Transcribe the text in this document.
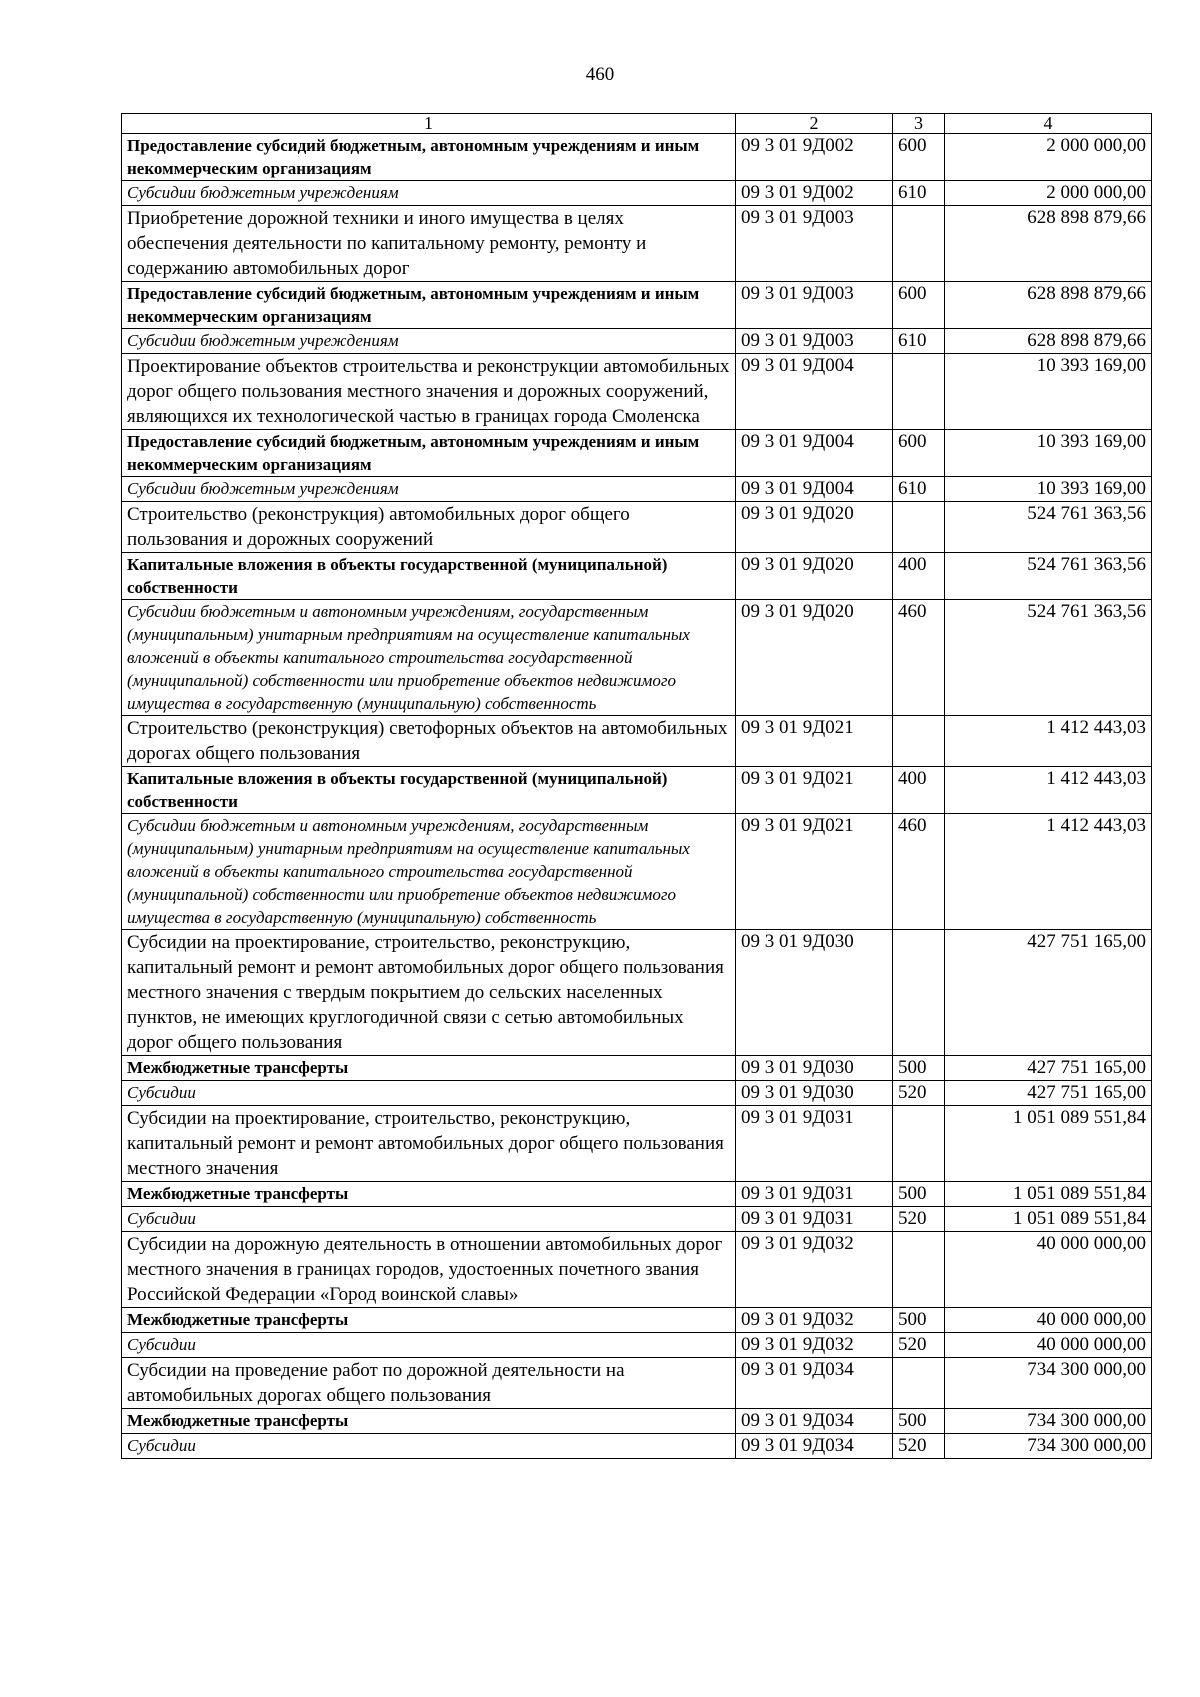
460
1	2	3	4
Предоставление субсидий бюджетным, автономным учреждениям и иным некоммерческим организациям	09 3 01 9Д002	600	2 000 000,00
Субсидии бюджетным учреждениям	09 3 01 9Д002	610	2 000 000,00
Приобретение дорожной техники и иного имущества в целях обеспечения деятельности по капитальному ремонту, ремонту и содержанию автомобильных дорог	09 3 01 9Д003		628 898 879,66
Предоставление субсидий бюджетным, автономным учреждениям и иным некоммерческим организациям	09 3 01 9Д003	600	628 898 879,66
Субсидии бюджетным учреждениям	09 3 01 9Д003	610	628 898 879,66
Проектирование объектов строительства и реконструкции автомобильных дорог общего пользования местного значения и дорожных сооружений, являющихся их технологической частью в границах города Смоленска	09 3 01 9Д004		10 393 169,00
Предоставление субсидий бюджетным, автономным учреждениям и иным некоммерческим организациям	09 3 01 9Д004	600	10 393 169,00
Субсидии бюджетным учреждениям	09 3 01 9Д004	610	10 393 169,00
Строительство (реконструкция) автомобильных дорог общего пользования и дорожных сооружений	09 3 01 9Д020		524 761 363,56
Капитальные вложения в объекты государственной (муниципальной) собственности	09 3 01 9Д020	400	524 761 363,56
Субсидии бюджетным и автономным учреждениям, государственным (муниципальным) унитарным предприятиям на осуществление капитальных вложений в объекты капитального строительства государственной (муниципальной) собственности или приобретение объектов недвижимого имущества в государственную (муниципальную) собственность	09 3 01 9Д020	460	524 761 363,56
Строительство (реконструкция) светофорных объектов на автомобильных дорогах общего пользования	09 3 01 9Д021		1 412 443,03
Капитальные вложения в объекты государственной (муниципальной) собственности	09 3 01 9Д021	400	1 412 443,03
Субсидии бюджетным и автономным учреждениям, государственным (муниципальным) унитарным предприятиям на осуществление капитальных вложений в объекты капитального строительства государственной (муниципальной) собственности или приобретение объектов недвижимого имущества в государственную (муниципальную) собственность	09 3 01 9Д021	460	1 412 443,03
Субсидии на проектирование, строительство, реконструкцию, капитальный ремонт и ремонт автомобильных дорог общего пользования местного значения с твердым покрытием до сельских населенных пунктов, не имеющих круглогодичной связи с сетью автомобильных дорог общего пользования	09 3 01 9Д030		427 751 165,00
Межбюджетные трансферты	09 3 01 9Д030	500	427 751 165,00
Субсидии	09 3 01 9Д030	520	427 751 165,00
Субсидии на проектирование, строительство, реконструкцию, капитальный ремонт и ремонт автомобильных дорог общего пользования местного значения	09 3 01 9Д031		1 051 089 551,84
Межбюджетные трансферты	09 3 01 9Д031	500	1 051 089 551,84
Субсидии	09 3 01 9Д031	520	1 051 089 551,84
Субсидии на дорожную деятельность в отношении автомобильных дорог местного значения в границах городов, удостоенных почетного звания Российской Федерации «Город воинской славы»	09 3 01 9Д032		40 000 000,00
Межбюджетные трансферты	09 3 01 9Д032	500	40 000 000,00
Субсидии	09 3 01 9Д032	520	40 000 000,00
Субсидии на проведение работ по дорожной деятельности на автомобильных дорогах общего пользования	09 3 01 9Д034		734 300 000,00
Межбюджетные трансферты	09 3 01 9Д034	500	734 300 000,00
Субсидии	09 3 01 9Д034	520	734 300 000,00
